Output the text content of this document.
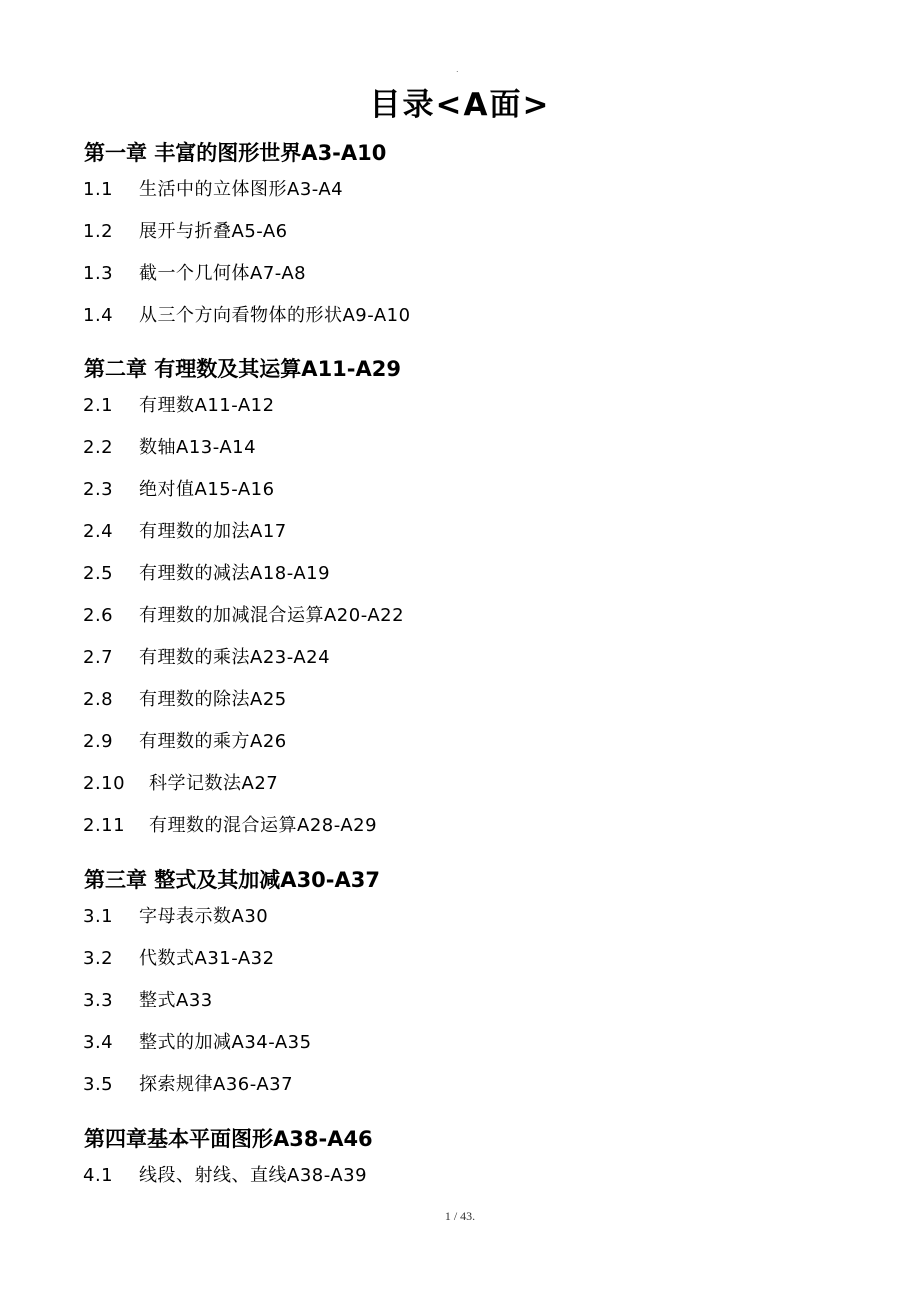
.
目录<A面>
第一章 丰富的图形世界A3-A10
1.1 生活中的立体图形A3-A4
1.2 展开与折叠A5-A6
1.3 截一个几何体A7-A8
1.4 从三个方向看物体的形状A9-A10
第二章 有理数及其运算A11-A29
2.1 有理数A11-A12
2.2 数轴A13-A14
2.3 绝对值A15-A16
2.4 有理数的加法A17
2.5 有理数的减法A18-A19
2.6 有理数的加减混合运算A20-A22
2.7 有理数的乘法A23-A24
2.8 有理数的除法A25
2.9 有理数的乘方A26
2.10 科学记数法A27
2.11 有理数的混合运算A28-A29
第三章 整式及其加减A30-A37
3.1 字母表示数A30
3.2 代数式A31-A32
3.3 整式A33
3.4 整式的加减A34-A35
3.5 探索规律A36-A37
第四章基本平面图形A38-A46
4.1 线段、射线、直线A38-A39
1 / 43.
